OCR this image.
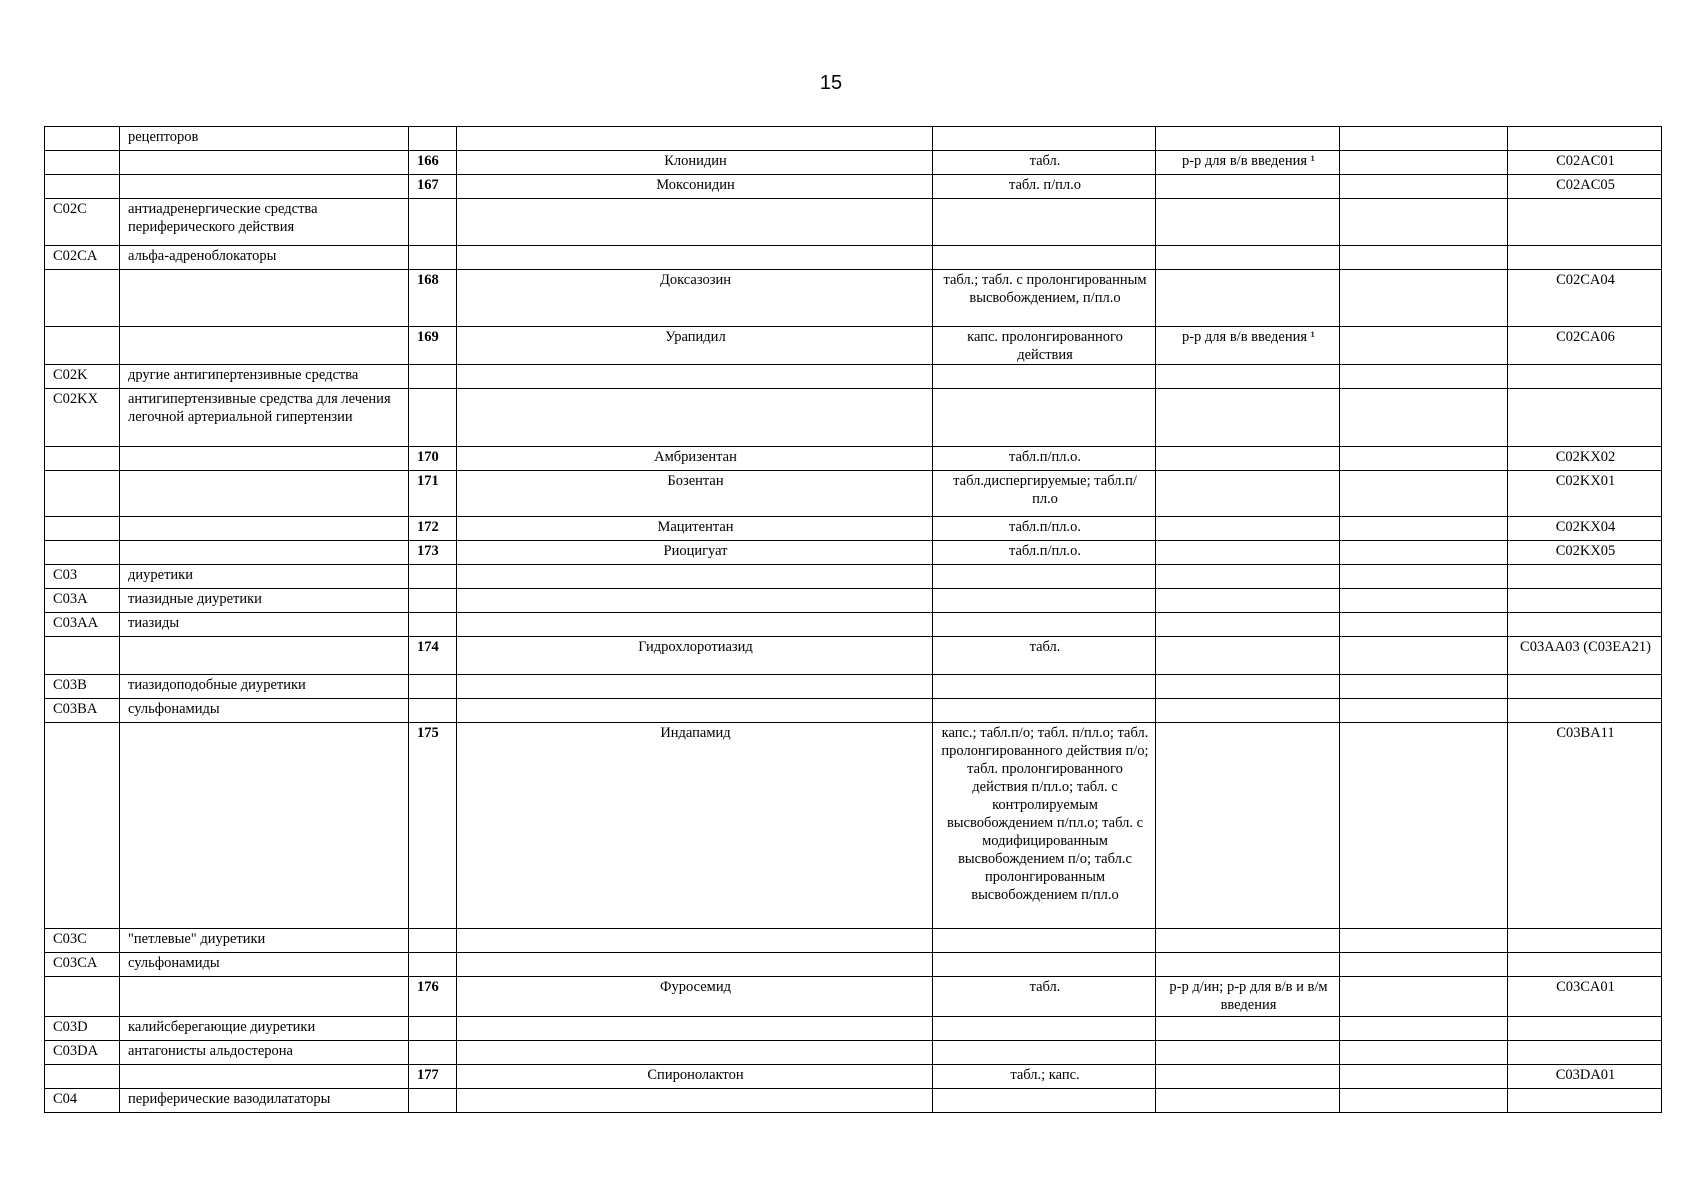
15
	рецепторов						
		166	Клонидин	табл.	р-р для в/в введения ¹		C02AC01
		167	Моксонидин	табл. п/пл.о			C02AC05
C02C	антиадренергические средства периферического действия						
C02CA	альфа-адреноблокаторы						
		168	Доксазозин	табл.; табл. с пролонгированным высвобождением, п/пл.о			C02CA04
		169	Урапидил	капс. пролонгированного действия	р-р для в/в введения ¹		C02CA06
C02K	другие антигипертензивные средства						
C02KX	антигипертензивные средства для лечения легочной артериальной гипертензии						
		170	Амбризентан	табл.п/пл.о.			C02KX02
		171	Бозентан	табл.диспергируемые; табл.п/пл.о			C02KX01
		172	Мацитентан	табл.п/пл.о.			C02KX04
		173	Риоцигуат	табл.п/пл.о.			C02KX05
C03	диуретики						
C03A	тиазидные диуретики						
C03AA	тиазиды						
		174	Гидрохлоротиазид	табл.			C03AA03 (C03EA21)
C03B	тиазидоподобные диуретики						
C03BA	сульфонамиды						
		175	Индапамид	капс.; табл.п/о; табл. п/пл.о; табл. пролонгированного действия п/о; табл. пролонгированного действия п/пл.о; табл. с контролируемым высвобождением п/пл.о; табл. с модифицированным высвобождением п/о; табл.с пролонгированным высвобождением п/пл.о			C03BA11
C03C	"петлевые" диуретики						
C03CA	сульфонамиды						
		176	Фуросемид	табл.	р-р д/ин; р-р для в/в и в/м введения		C03CA01
C03D	калийсберегающие диуретики						
C03DA	антагонисты альдостерона						
		177	Спиронолактон	табл.; капс.			C03DA01
C04	периферические вазодилататоры						
